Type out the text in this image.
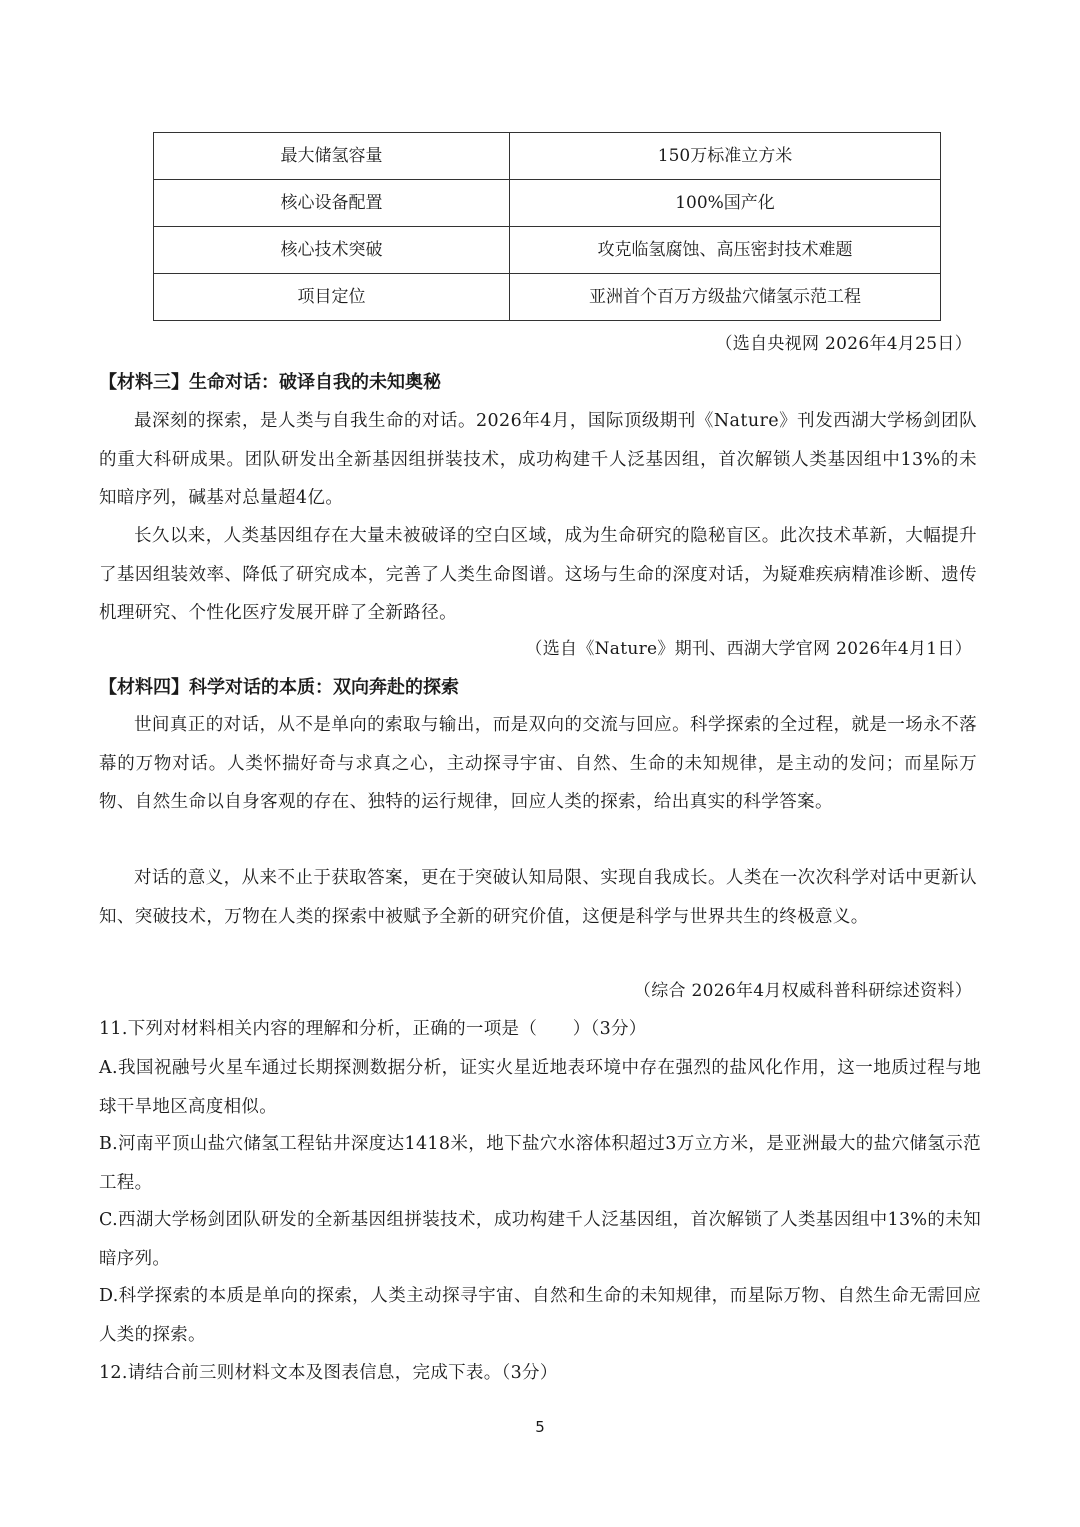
最大储氢容量	150万标准立方米
核心设备配置	100%国产化
核心技术突破	攻克临氢腐蚀、高压密封技术难题
项目定位	亚洲首个百万方级盐穴储氢示范工程
（选自央视网 2026年4月25日）
【材料三】生命对话：破译自我的未知奥秘

最深刻的探索，是人类与自我生命的对话。2026年4月，国际顶级期刊《Nature》刊发西湖大学杨剑团队的重大科研成果。团队研发出全新基因组拼装技术，成功构建千人泛基因组，首次解锁人类基因组中13%的未知暗序列，碱基对总量超4亿。

长久以来，人类基因组存在大量未被破译的空白区域，成为生命研究的隐秘盲区。此次技术革新，大幅提升了基因组装效率、降低了研究成本，完善了人类生命图谱。这场与生命的深度对话，为疑难疾病精准诊断、遗传机理研究、个性化医疗发展开辟了全新路径。

（选自《Nature》期刊、西湖大学官网 2026年4月1日）
【材料四】科学对话的本质：双向奔赴的探索

世间真正的对话，从不是单向的索取与输出，而是双向的交流与回应。科学探索的全过程，就是一场永不落幕的万物对话。人类怀揣好奇与求真之心，主动探寻宇宙、自然、生命的未知规律，是主动的发问；而星际万物、自然生命以自身客观的存在、独特的运行规律，回应人类的探索，给出真实的科学答案。

对话的意义，从来不止于获取答案，更在于突破认知局限、实现自我成长。人类在一次次科学对话中更新认知、突破技术，万物在人类的探索中被赋予全新的研究价值，这便是科学与世界共生的终极意义。

（综合 2026年4月权威科普科研综述资料）
11.下列对材料相关内容的理解和分析，正确的一项是（　　）（3分）

A.我国祝融号火星车通过长期探测数据分析，证实火星近地表环境中存在强烈的盐风化作用，这一地质过程与地球干旱地区高度相似。

B.河南平顶山盐穴储氢工程钻井深度达1418米，地下盐穴水溶体积超过3万立方米，是亚洲最大的盐穴储氢示范工程。

C.西湖大学杨剑团队研发的全新基因组拼装技术，成功构建千人泛基因组，首次解锁了人类基因组中13%的未知暗序列。

D.科学探索的本质是单向的探索，人类主动探寻宇宙、自然和生命的未知规律，而星际万物、自然生命无需回应人类的探索。

12.请结合前三则材料文本及图表信息，完成下表。（3分）
5
